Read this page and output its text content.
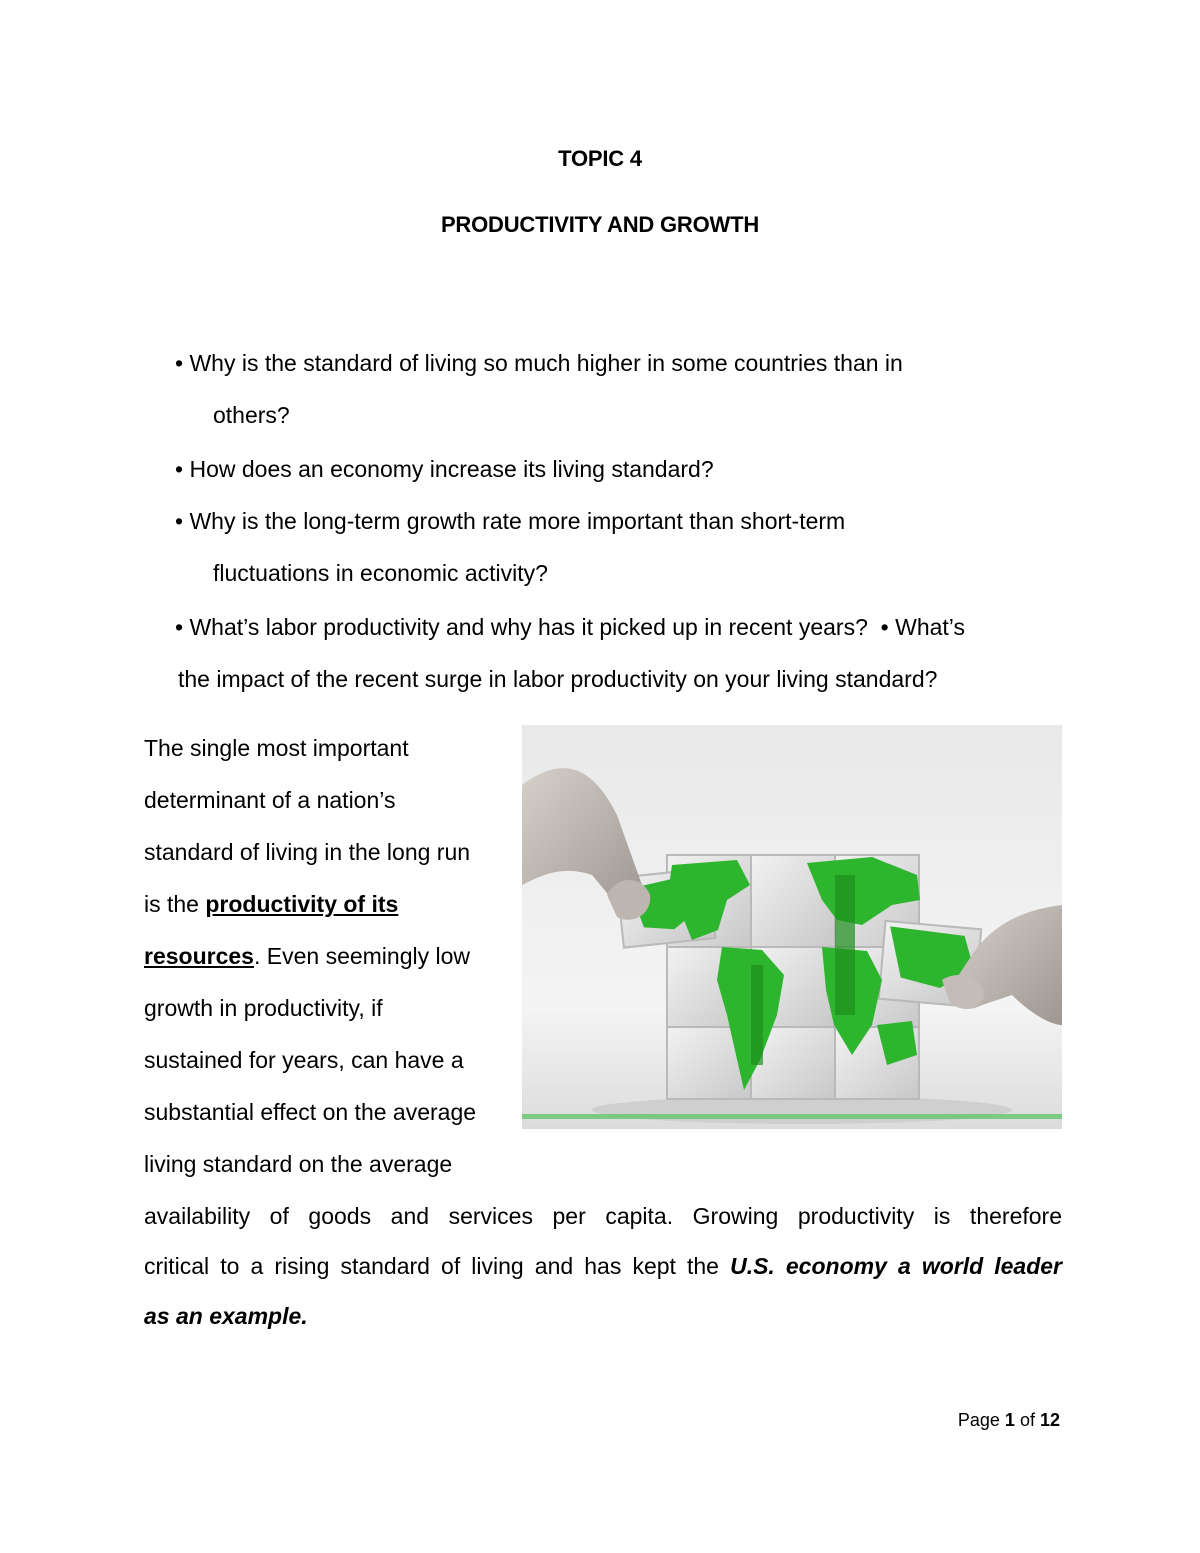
TOPIC 4
PRODUCTIVITY AND GROWTH
• Why is the standard of living so much higher in some countries than in
others?
• How does an economy increase its living standard?
• Why is the long-term growth rate more important than short-term
fluctuations in economic activity?
• What’s labor productivity and why has it picked up in recent years? • What’s
the impact of the recent surge in labor productivity on your living standard?
The single most important
determinant of a nation’s
standard of living in the long run
is the productivity of its
resources. Even seemingly low
growth in productivity, if
sustained for years, can have a
substantial effect on the average
living standard on the average
availability of goods and services per capita. Growing productivity is therefore
critical to a rising standard of living and has kept the U.S. economy a world leader
as an example.
Page 1 of 12
